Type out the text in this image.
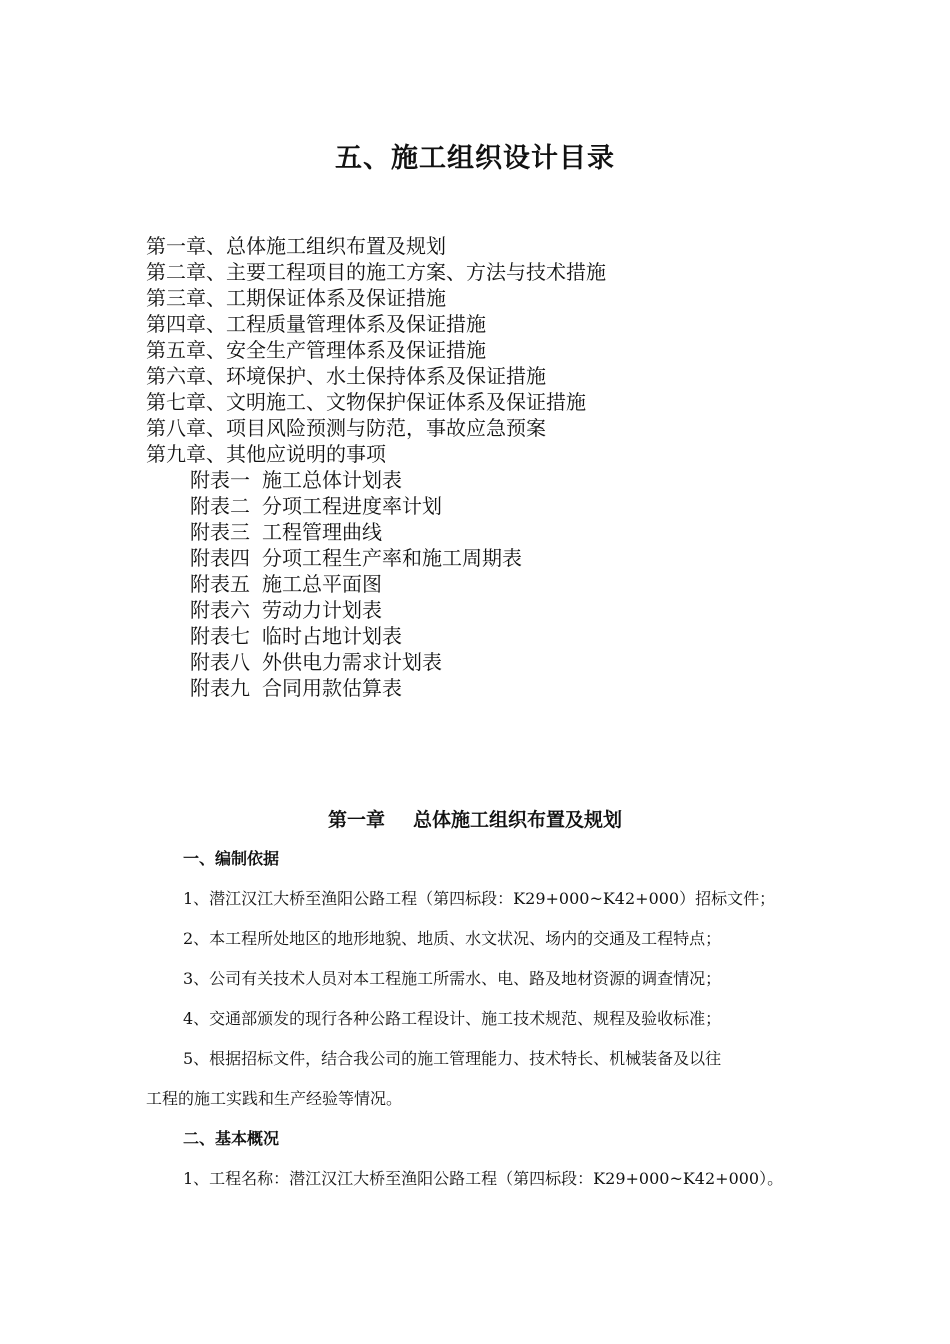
五、施工组织设计目录
第一章、总体施工组织布置及规划
第二章、主要工程项目的施工方案、方法与技术措施
第三章、工期保证体系及保证措施
第四章、工程质量管理体系及保证措施
第五章、安全生产管理体系及保证措施
第六章、环境保护、水土保持体系及保证措施
第七章、文明施工、文物保护保证体系及保证措施
第八章、项目风险预测与防范，事故应急预案
第九章、其他应说明的事项
附表一 施工总体计划表
附表二 分项工程进度率计划
附表三 工程管理曲线
附表四 分项工程生产率和施工周期表
附表五 施工总平面图
附表六 劳动力计划表
附表七 临时占地计划表
附表八 外供电力需求计划表
附表九 合同用款估算表
第一章 总体施工组织布置及规划
一、编制依据
1、潜江汉江大桥至渔阳公路工程（第四标段：K29+000~K42+000）招标文件；
2、本工程所处地区的地形地貌、地质、水文状况、场内的交通及工程特点；
3、公司有关技术人员对本工程施工所需水、电、路及地材资源的调查情况；
4、交通部颁发的现行各种公路工程设计、施工技术规范、规程及验收标准；
5、根据招标文件，结合我公司的施工管理能力、技术特长、机械装备及以往
工程的施工实践和生产经验等情况。
二、基本概况
1、工程名称：潜江汉江大桥至渔阳公路工程（第四标段：K29+000~K42+000）。
